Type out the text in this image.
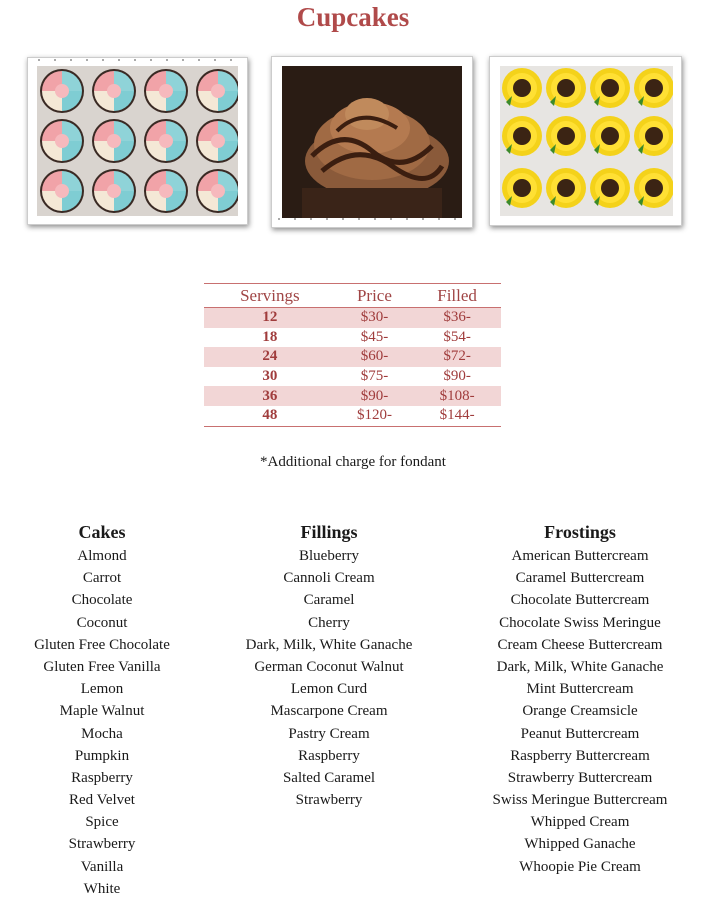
Cupcakes
Servings	Price	Filled
12	$30-	$36-
18	$45-	$54-
24	$60-	$72-
30	$75-	$90-
36	$90-	$108-
48	$120-	$144-
*Additional charge for fondant
Cakes
Almond
Carrot
Chocolate
Coconut
Gluten Free Chocolate
Gluten Free Vanilla
Lemon
Maple Walnut
Mocha
Pumpkin
Raspberry
Red Velvet
Spice
Strawberry
Vanilla
White
Fillings
Blueberry
Cannoli Cream
Caramel
Cherry
Dark, Milk, White Ganache
German Coconut Walnut
Lemon Curd
Mascarpone Cream
Pastry Cream
Raspberry
Salted Caramel
Strawberry
Frostings
American Buttercream
Caramel Buttercream
Chocolate Buttercream
Chocolate Swiss Meringue
Cream Cheese Buttercream
Dark, Milk, White Ganache
Mint Buttercream
Orange Creamsicle
Peanut Buttercream
Raspberry Buttercream
Strawberry Buttercream
Swiss Meringue Buttercream
Whipped Cream
Whipped Ganache
Whoopie Pie Cream
